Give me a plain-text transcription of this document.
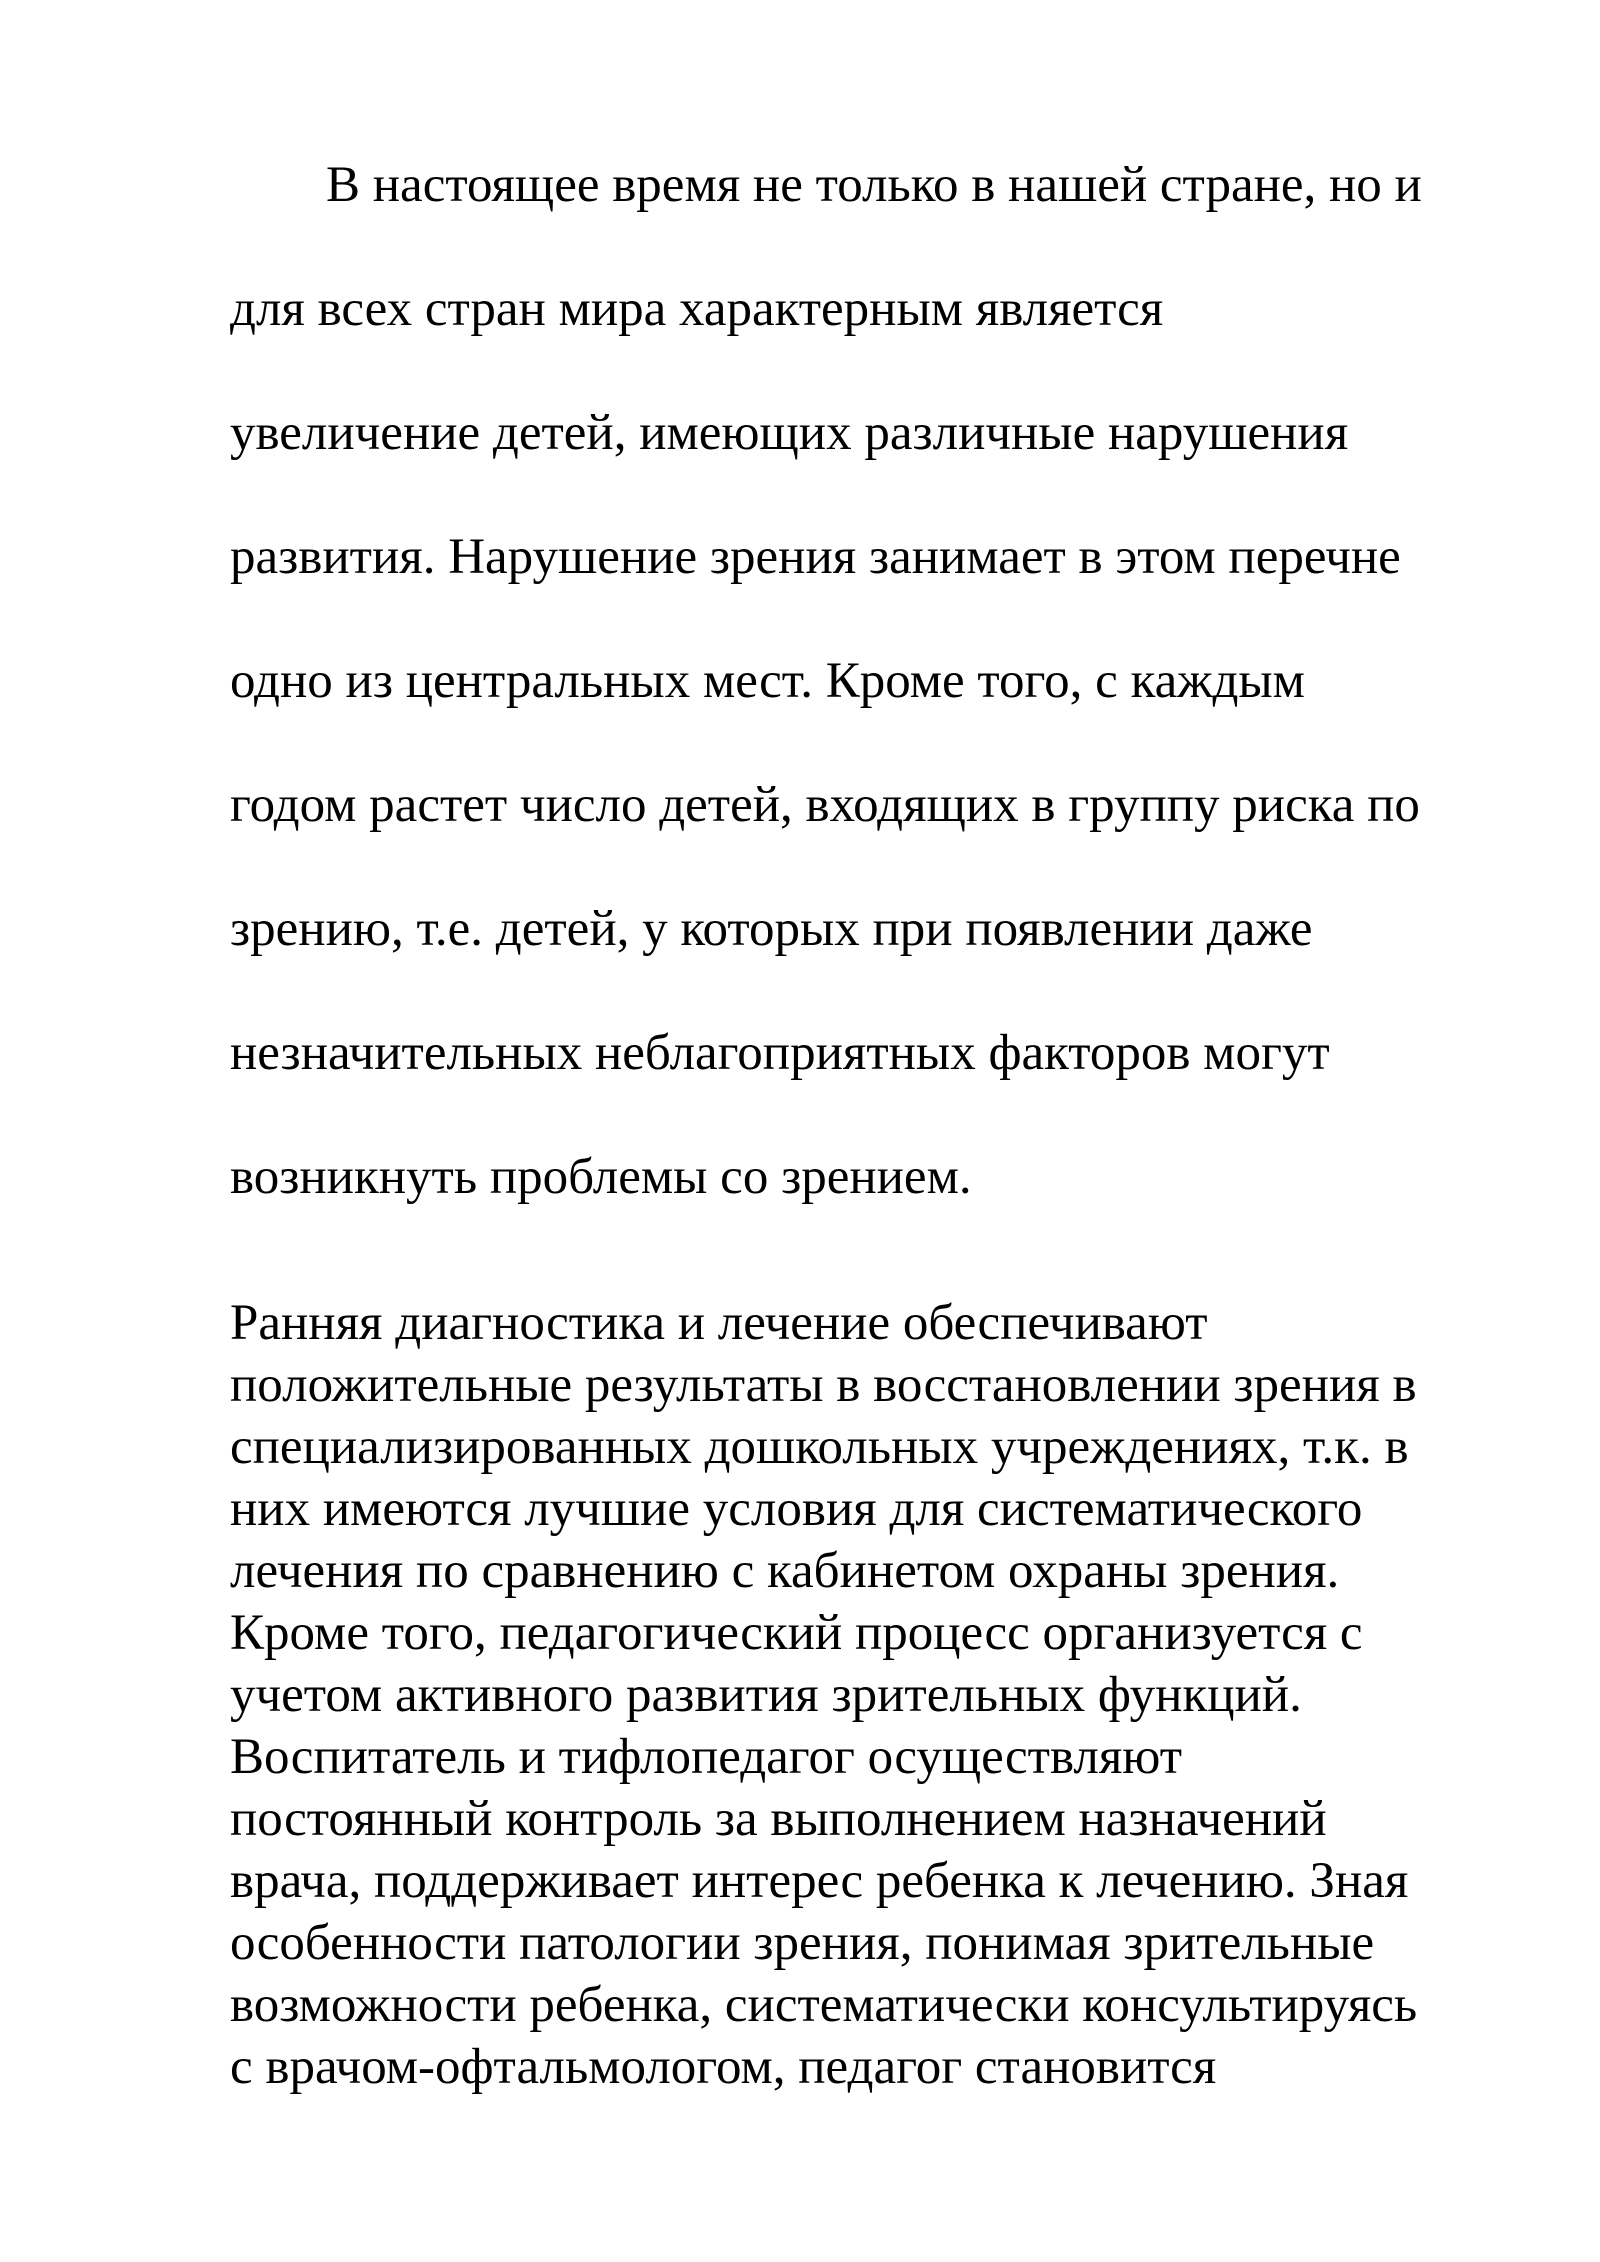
В настоящее время не только в нашей стране, но и

для всех стран мира характерным является

увеличение детей, имеющих различные нарушения

развития. Нарушение зрения занимает в этом перечне

одно из центральных мест. Кроме того, с каждым

годом растет число детей, входящих в группу риска по

зрению, т.е. детей, у которых при появлении даже

незначительных неблагоприятных факторов могут

возникнуть проблемы со зрением.

Ранняя диагностика и лечение обеспечивают

положительные результаты в восстановлении зрения в

специализированных дошкольных учреждениях, т.к. в

них имеются лучшие условия для систематического

лечения по сравнению с кабинетом охраны зрения.

Кроме того, педагогический процесс организуется с

учетом активного развития зрительных функций.

Воспитатель и тифлопедагог осуществляют

постоянный контроль за выполнением назначений

врача, поддерживает интерес ребенка к лечению. Зная

особенности патологии зрения, понимая зрительные

возможности ребенка, систематически консультируясь

с врачом-офтальмологом, педагог становится
